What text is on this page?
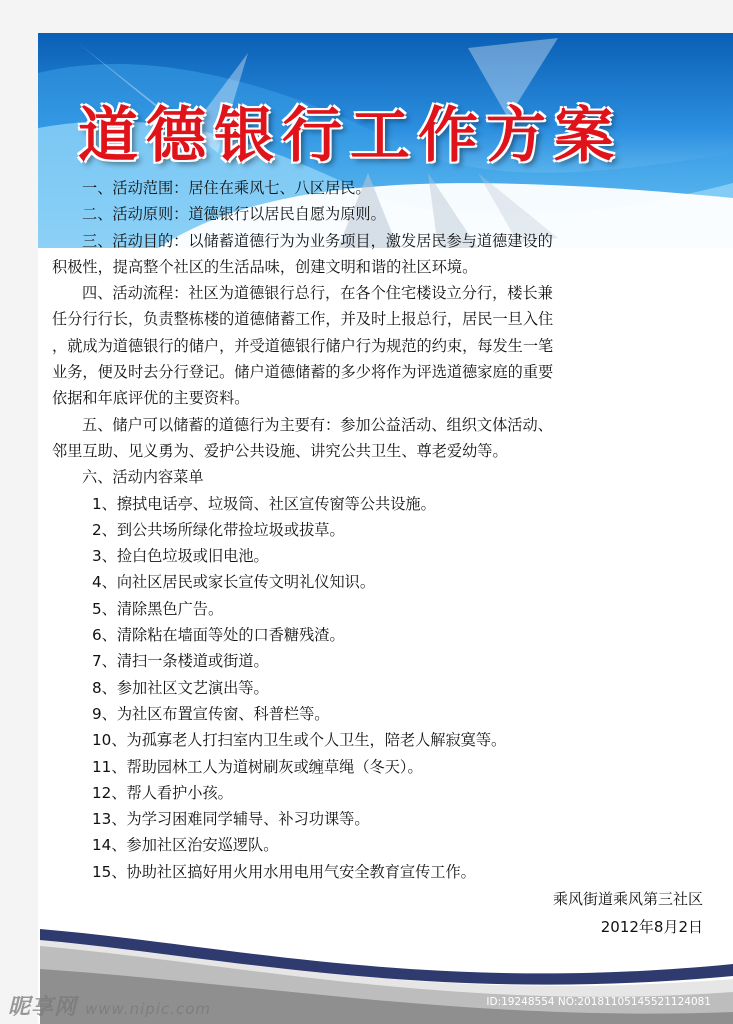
道德银行工作方案

一、活动范围：居住在乘风七、八区居民。

二、活动原则：道德银行以居民自愿为原则。

三、活动目的：以储蓄道德行为为业务项目，激发居民参与道德建设的

积极性，提高整个社区的生活品味，创建文明和谐的社区环境。

四、活动流程：社区为道德银行总行，在各个住宅楼设立分行，楼长兼

任分行行长，负责整栋楼的道德储蓄工作，并及时上报总行，居民一旦入住

，就成为道德银行的储户，并受道德银行储户行为规范的约束，每发生一笔

业务，便及时去分行登记。储户道德储蓄的多少将作为评选道德家庭的重要

依据和年底评优的主要资料。

五、储户可以储蓄的道德行为主要有：参加公益活动、组织文体活动、

邻里互助、见义勇为、爱护公共设施、讲究公共卫生、尊老爱幼等。

六、活动内容菜单

1、擦拭电话亭、垃圾筒、社区宣传窗等公共设施。

2、到公共场所绿化带捡垃圾或拔草。

3、捡白色垃圾或旧电池。

4、向社区居民或家长宣传文明礼仪知识。

5、清除黑色广告。

6、清除粘在墙面等处的口香糖残渣。

7、清扫一条楼道或街道。

8、参加社区文艺演出等。

9、为社区布置宣传窗、科普栏等。

10、为孤寡老人打扫室内卫生或个人卫生，陪老人解寂寞等。

11、帮助园林工人为道树刷灰或缠草绳（冬天）。

12、帮人看护小孩。

13、为学习困难同学辅导、补习功课等。

14、参加社区治安巡逻队。

15、协助社区搞好用火用水用电用气安全教育宣传工作。

乘风街道乘风第三社区
2012年8月2日
昵享网 www.nipic.com	ID:19248554 NO:20181105145521124081
